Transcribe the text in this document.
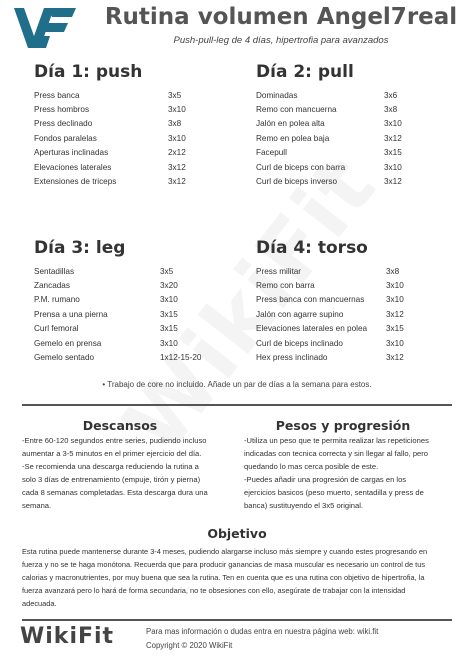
Rutina volumen Angel7real
Push-pull-leg de 4 días, hipertrofia para avanzados
Día 1: push
Press banca	3x5
Press hombros	3x10
Press declinado	3x8
Fondos paralelas	3x10
Aperturas inclinadas	2x12
Elevaciones laterales	3x12
Extensiones de triceps	3x12
Día 2: pull
Dominadas	3x6
Remo con mancuerna	3x8
Jalón en polea alta	3x10
Remo en polea baja	3x12
Facepull	3x15
Curl de biceps con barra	3x10
Curl de biceps inverso	3x12
Día 3: leg
Sentadillas	3x5
Zancadas	3x20
P.M. rumano	3x10
Prensa a una pierna	3x15
Curl femoral	3x15
Gemelo en prensa	3x10
Gemelo sentado	1x12-15-20
Día 4: torso
Press militar	3x8
Remo con barra	3x10
Press banca con mancuernas	3x10
Jalón con agarre supino	3x12
Elevaciones laterales en polea 3x15
Curl de biceps inclinado	3x10
Hex press inclinado	3x12
• Trabajo de core no incluido. Añade un par de días a la semana para estos.
Descansos

-Entre 60-120 segundos entre series, pudiendo incluso

aumentar a 3-5 minutos en el primer ejercicio del día.

-Se recomienda una descarga reduciendo la rutina a

solo 3 días de entrenamiento (empuje, tirón y pierna)

cada 8 semanas completadas. Esta descarga dura una

semana.

Pesos y progresión

-Utiliza un peso que te permita realizar las repeticiones

indicadas con tecnica correcta y sin llegar al fallo, pero

quedando lo mas cerca posible de este.

-Puedes añadir una progresión de cargas en los

ejercicios basicos (peso muerto, sentadilla y press de

banca) sustituyendo el 3x5 original.

Objetivo

Esta rutina puede mantenerse durante 3-4 meses, pudiendo alargarse incluso más siempre y cuando estes progresando en

fuerza y no se te haga monótona. Recuerda que para producir ganancias de masa muscular es necesario un control de tus

calorias y macronutrientes, por muy buena que sea la rutina. Ten en cuenta que es una rutina con objetivo de hipertrofia, la

fuerza avanzará pero lo hará de forma secundaria, no te obsesiones con ello, asegúrate de trabajar con la intensidad

adecuada.

WikiFit	Para mas información o dudas entra en nuestra página web: wiki.fit
Copyright © 2020 WikiFit
